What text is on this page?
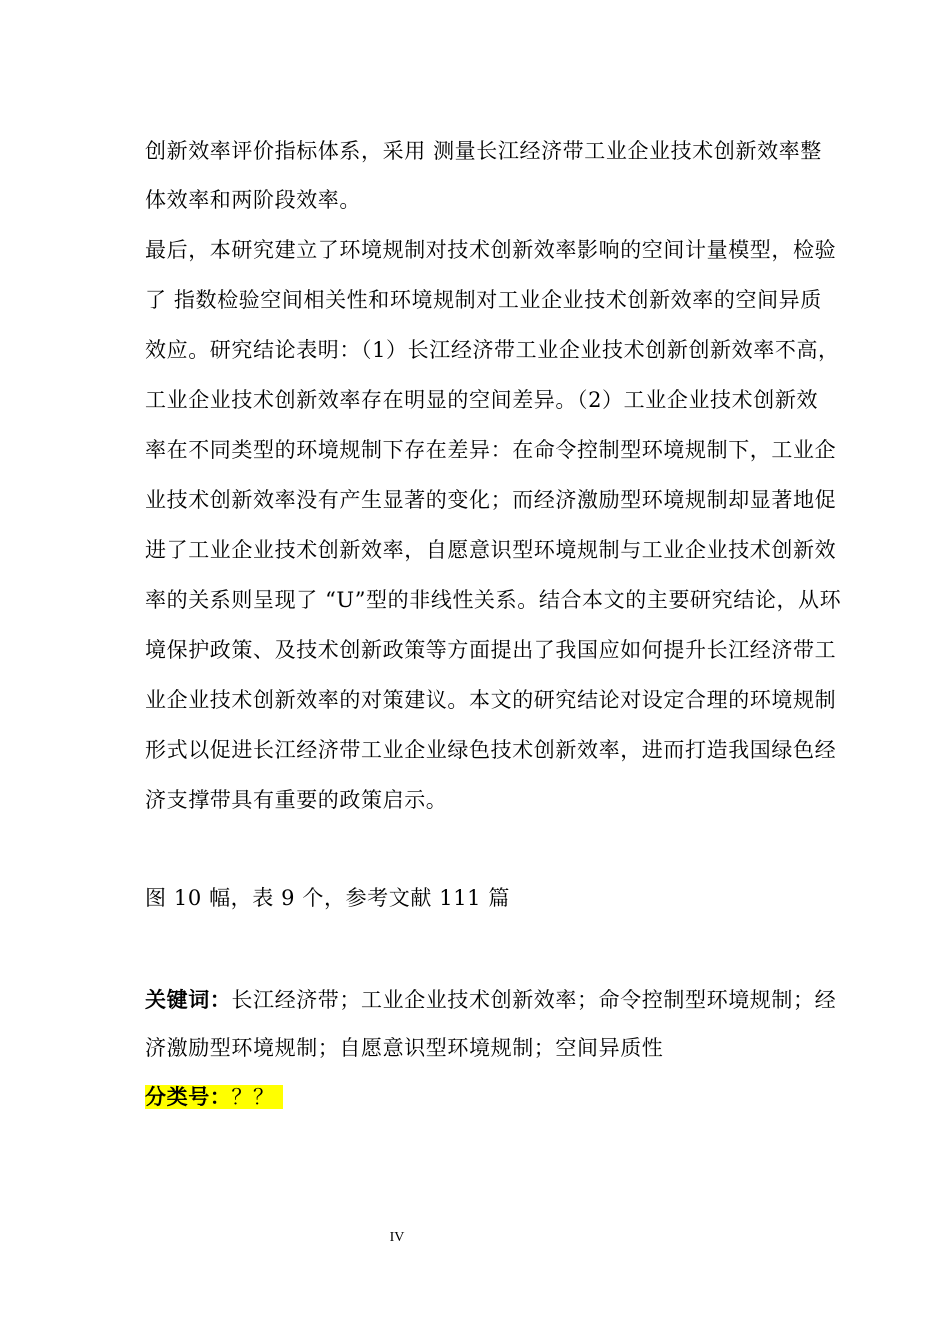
创新效率评价指标体系，采用 测量长江经济带工业企业技术创新效率整
体效率和两阶段效率。
最后，本研究建立了环境规制对技术创新效率影响的空间计量模型，检验
了 指数检验空间相关性和环境规制对工业企业技术创新效率的空间异质
效应。研究结论表明：（1）长江经济带工业企业技术创新创新效率不高，
工业企业技术创新效率存在明显的空间差异。（2）工业企业技术创新效
率在不同类型的环境规制下存在差异：在命令控制型环境规制下，工业企
业技术创新效率没有产生显著的变化；而经济激励型环境规制却显著地促
进了工业企业技术创新效率，自愿意识型环境规制与工业企业技术创新效
率的关系则呈现了 “U”型的非线性关系。结合本文的主要研究结论，从环
境保护政策、及技术创新政策等方面提出了我国应如何提升长江经济带工
业企业技术创新效率的对策建议。本文的研究结论对设定合理的环境规制
形式以促进长江经济带工业企业绿色技术创新效率，进而打造我国绿色经
济支撑带具有重要的政策启示。
图 10 幅，表 9 个，参考文献 111 篇
关键词：长江经济带；工业企业技术创新效率；命令控制型环境规制；经
济激励型环境规制；自愿意识型环境规制；空间异质性
分类号：？？
IV
